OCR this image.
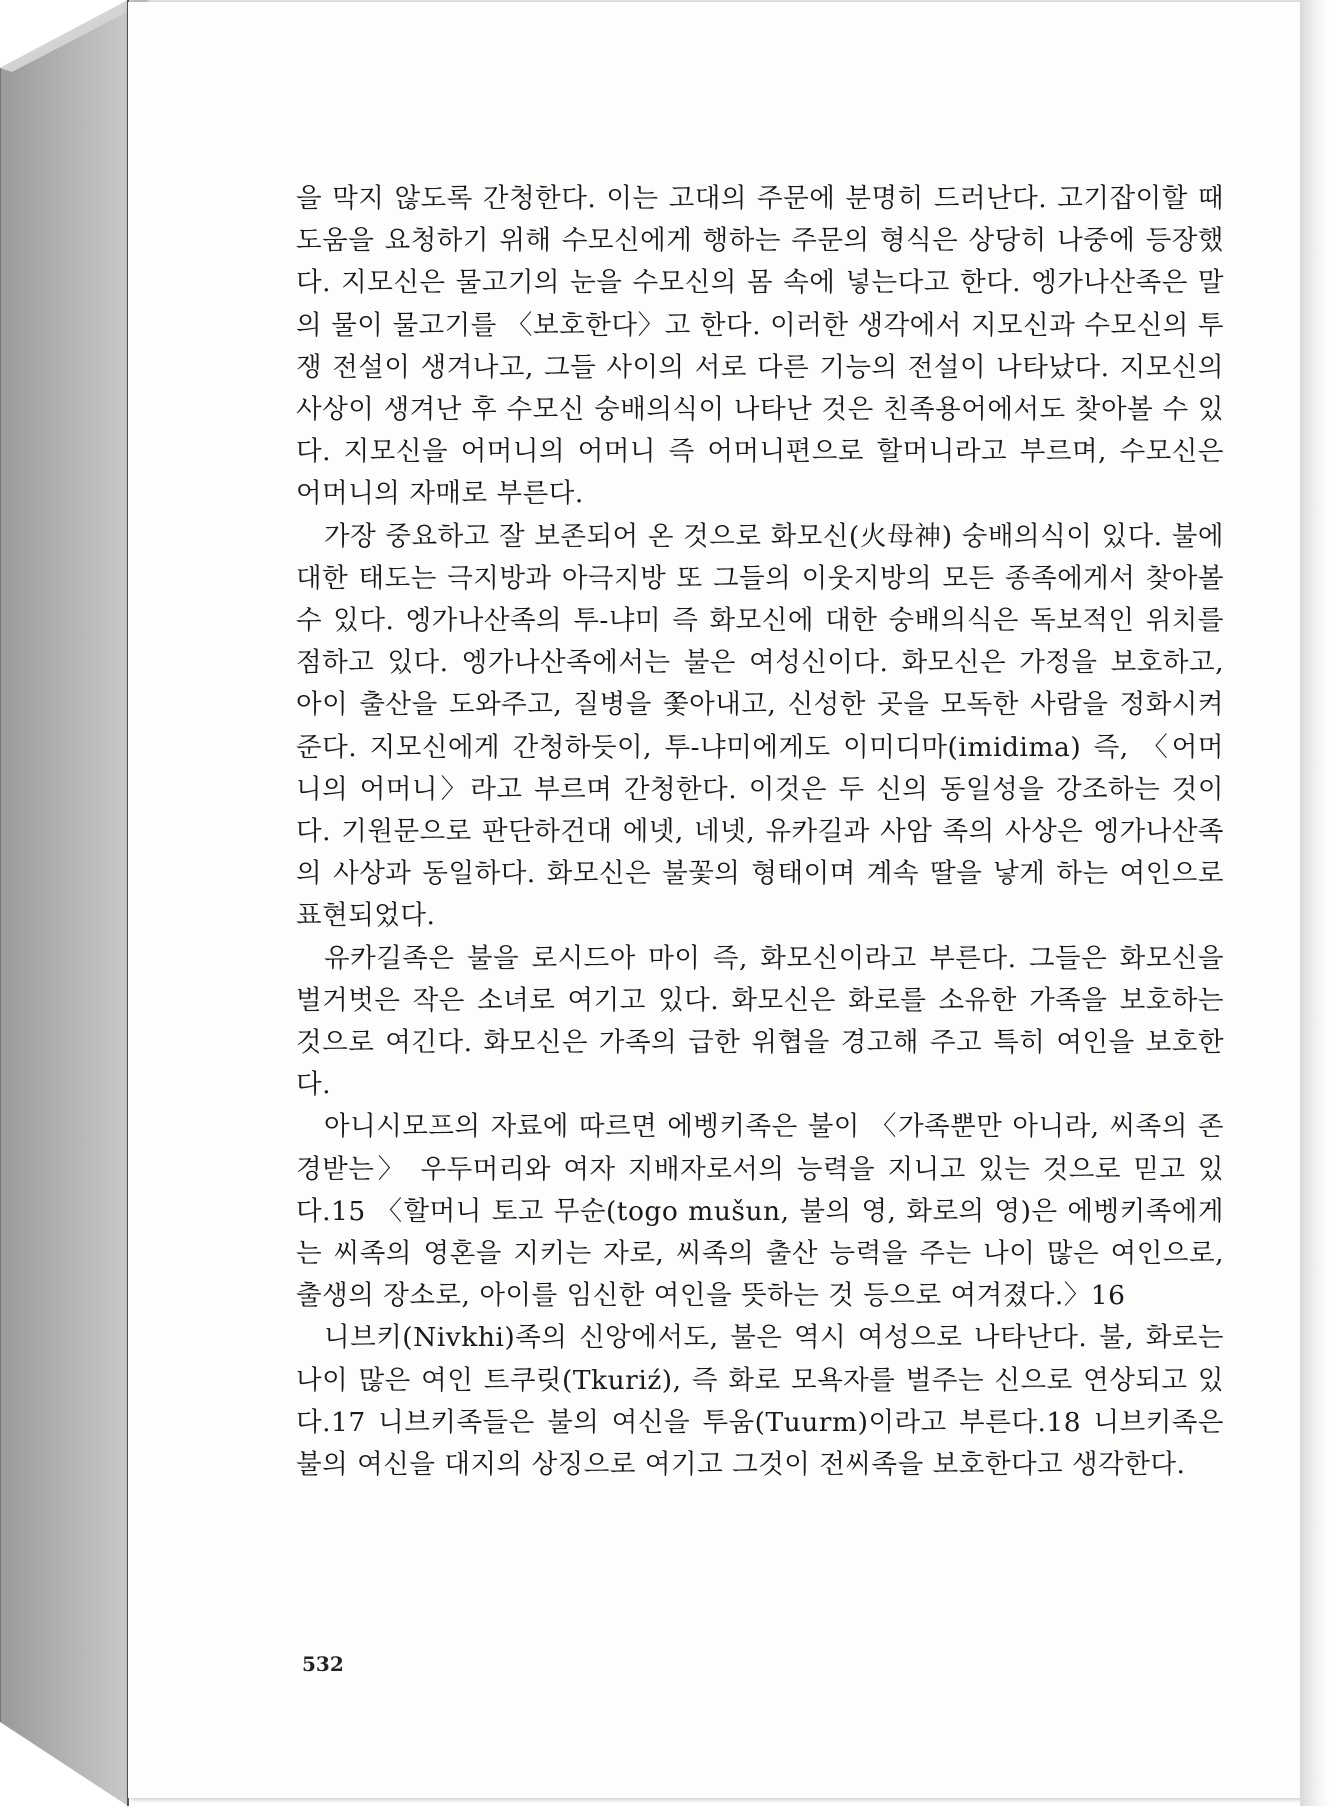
을 막지 않도록 간청한다. 이는 고대의 주문에 분명히 드러난다. 고기잡이할 때 도움을 요청하기 위해 수모신에게 행하는 주문의 형식은 상당히 나중에 등장했다. 지모신은 물고기의 눈을 수모신의 몸 속에 넣는다고 한다. 엥가나산족은 말의 물이 물고기를 〈보호한다〉고 한다. 이러한 생각에서 지모신과 수모신의 투쟁 전설이 생겨나고, 그들 사이의 서로 다른 기능의 전설이 나타났다. 지모신의 사상이 생겨난 후 수모신 숭배의식이 나타난 것은 친족용어에서도 찾아볼 수 있다. 지모신을 어머니의 어머니 즉 어머니편으로 할머니라고 부르며, 수모신은 어머니의 자매로 부른다.

가장 중요하고 잘 보존되어 온 것으로 화모신(火母神) 숭배의식이 있다. 불에 대한 태도는 극지방과 아극지방 또 그들의 이웃지방의 모든 종족에게서 찾아볼 수 있다. 엥가나산족의 투-냐미 즉 화모신에 대한 숭배의식은 독보적인 위치를 점하고 있다. 엥가나산족에서는 불은 여성신이다. 화모신은 가정을 보호하고, 아이 출산을 도와주고, 질병을 쫓아내고, 신성한 곳을 모독한 사람을 정화시켜 준다. 지모신에게 간청하듯이, 투-냐미에게도 이미디마(imidima) 즉, 〈어머니의 어머니〉라고 부르며 간청한다. 이것은 두 신의 동일성을 강조하는 것이다. 기원문으로 판단하건대 에넷, 네넷, 유카길과 사암 족의 사상은 엥가나산족의 사상과 동일하다. 화모신은 불꽃의 형태이며 계속 딸을 낳게 하는 여인으로 표현되었다.

유카길족은 불을 로시드아 마이 즉, 화모신이라고 부른다. 그들은 화모신을 벌거벗은 작은 소녀로 여기고 있다. 화모신은 화로를 소유한 가족을 보호하는 것으로 여긴다. 화모신은 가족의 급한 위협을 경고해 주고 특히 여인을 보호한다.

아니시모프의 자료에 따르면 에벵키족은 불이 〈가족뿐만 아니라, 씨족의 존경받는〉 우두머리와 여자 지배자로서의 능력을 지니고 있는 것으로 믿고 있다.15 〈할머니 토고 무순(togo mušun, 불의 영, 화로의 영)은 에벵키족에게는 씨족의 영혼을 지키는 자로, 씨족의 출산 능력을 주는 나이 많은 여인으로, 출생의 장소로, 아이를 임신한 여인을 뜻하는 것 등으로 여겨졌다.〉16

니브키(Nivkhi)족의 신앙에서도, 불은 역시 여성으로 나타난다. 불, 화로는 나이 많은 여인 트쿠릿(Tkuriź), 즉 화로 모욕자를 벌주는 신으로 연상되고 있다.17 니브키족들은 불의 여신을 투움(Tuurm)이라고 부른다.18 니브키족은 불의 여신을 대지의 상징으로 여기고 그것이 전씨족을 보호한다고 생각한다.

532
